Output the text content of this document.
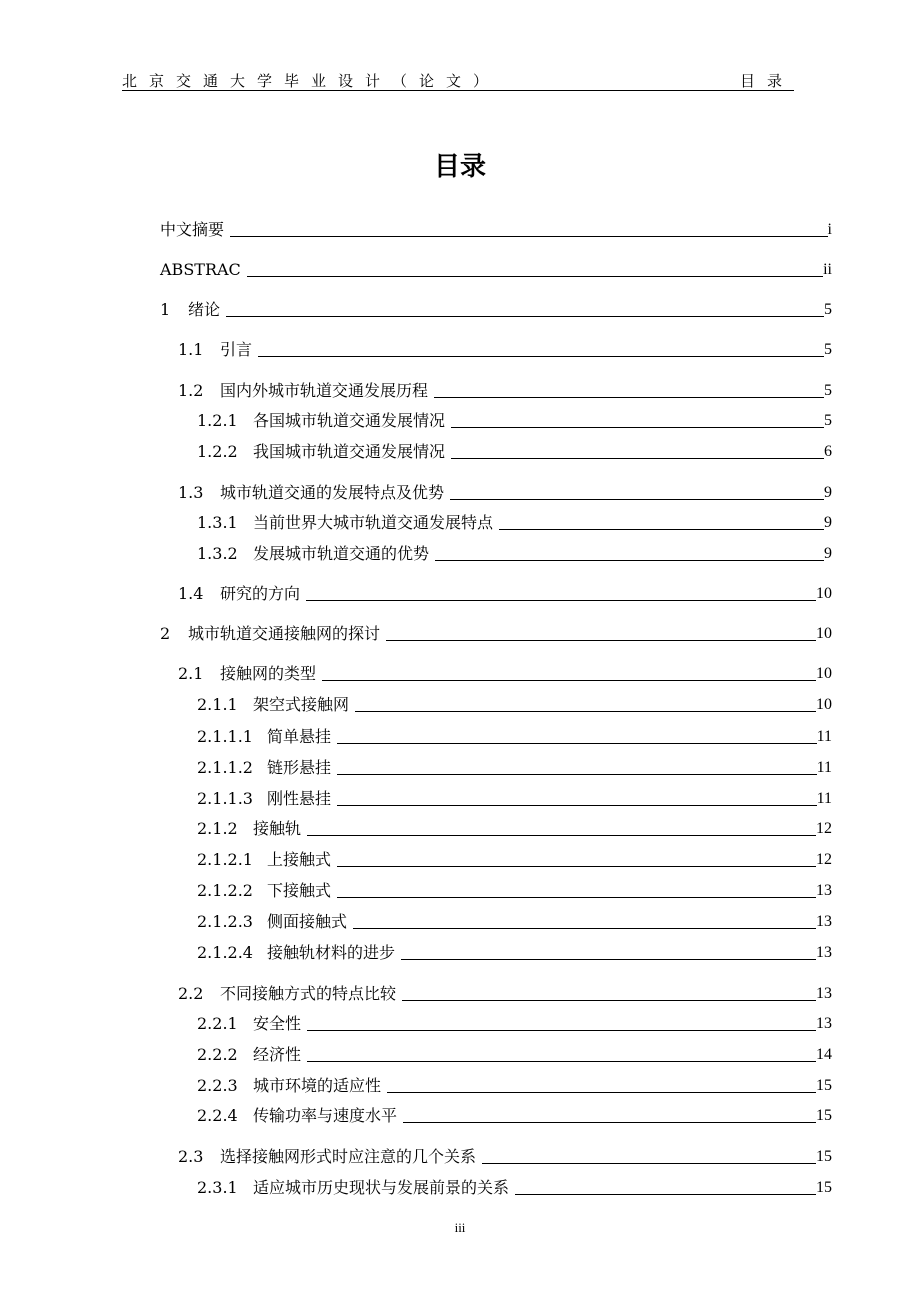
北京交通大学毕业设计（论文）	目录
目录
中文摘要	i
ABSTRAC	ii
1	绪论	5
1.1	引言	5
1.2	国内外城市轨道交通发展历程	5
1.2.1 各国城市轨道交通发展情况	5
1.2.2 我国城市轨道交通发展情况	6
1.3	城市轨道交通的发展特点及优势	9
1.3.1 当前世界大城市轨道交通发展特点	9
1.3.2 发展城市轨道交通的优势	9
1.4	研究的方向	10
2	城市轨道交通接触网的探讨	10
2.1	接触网的类型	10
2.1.1 架空式接触网	10
2.1.1.1 简单悬挂	11
2.1.1.2 链形悬挂	11
2.1.1.3 刚性悬挂	11
2.1.2 接触轨	12
2.1.2.1 上接触式	12
2.1.2.2 下接触式	13
2.1.2.3 侧面接触式	13
2.1.2.4 接触轨材料的进步	13
2.2	不同接触方式的特点比较	13
2.2.1 安全性	13
2.2.2 经济性	14
2.2.3 城市环境的适应性	15
2.2.4 传输功率与速度水平	15
2.3	选择接触网形式时应注意的几个关系	15
2.3.1 适应城市历史现状与发展前景的关系	15
iii
